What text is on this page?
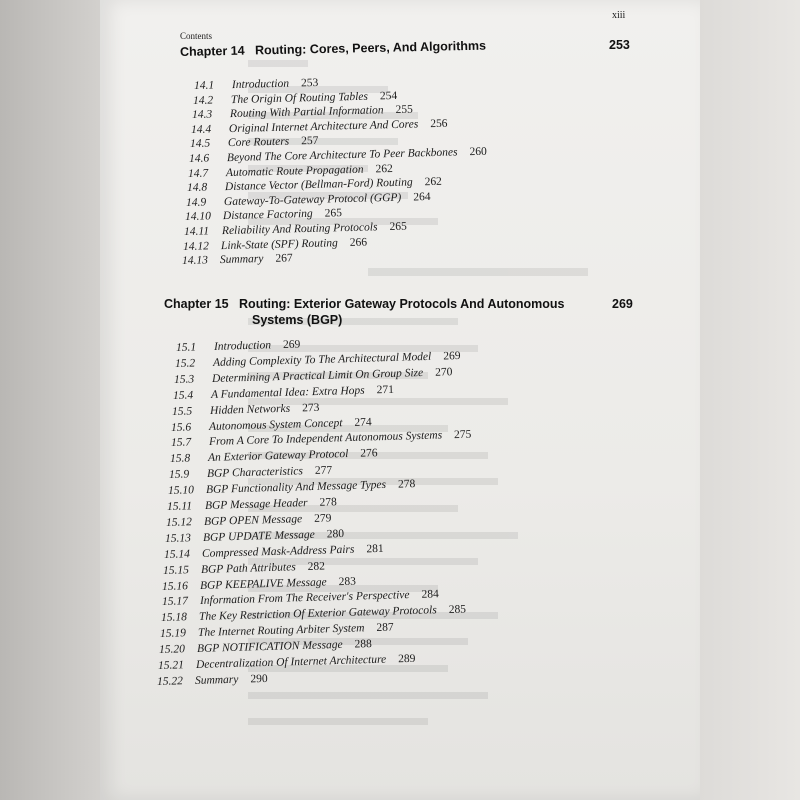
Contents
xiii
Chapter 14 Routing: Cores, Peers, And Algorithms	253
14.1 Introduction 253
14.2 The Origin Of Routing Tables 254
14.3 Routing With Partial Information 255
14.4 Original Internet Architecture And Cores 256
14.5 Core Routers 257
14.6 Beyond The Core Architecture To Peer Backbones 260
14.7 Automatic Route Propagation 262
14.8 Distance Vector (Bellman-Ford) Routing 262
14.9 Gateway-To-Gateway Protocol (GGP) 264
14.10 Distance Factoring 265
14.11 Reliability And Routing Protocols 265
14.12 Link-State (SPF) Routing 266
14.13 Summary 267
Chapter 15 Routing: Exterior Gateway Protocols And Autonomous
Systems (BGP)
269
15.1 Introduction 269
15.2 Adding Complexity To The Architectural Model 269
15.3 Determining A Practical Limit On Group Size 270
15.4 A Fundamental Idea: Extra Hops 271
15.5 Hidden Networks 273
15.6 Autonomous System Concept 274
15.7 From A Core To Independent Autonomous Systems 275
15.8 An Exterior Gateway Protocol 276
15.9 BGP Characteristics 277
15.10 BGP Functionality And Message Types 278
15.11 BGP Message Header 278
15.12 BGP OPEN Message 279
15.13 BGP UPDATE Message 280
15.14 Compressed Mask-Address Pairs 281
15.15 BGP Path Attributes 282
15.16 BGP KEEPALIVE Message 283
15.17 Information From The Receiver's Perspective 284
15.18 The Key Restriction Of Exterior Gateway Protocols 285
15.19 The Internet Routing Arbiter System 287
15.20 BGP NOTIFICATION Message 288
15.21 Decentralization Of Internet Architecture 289
15.22 Summary 290
